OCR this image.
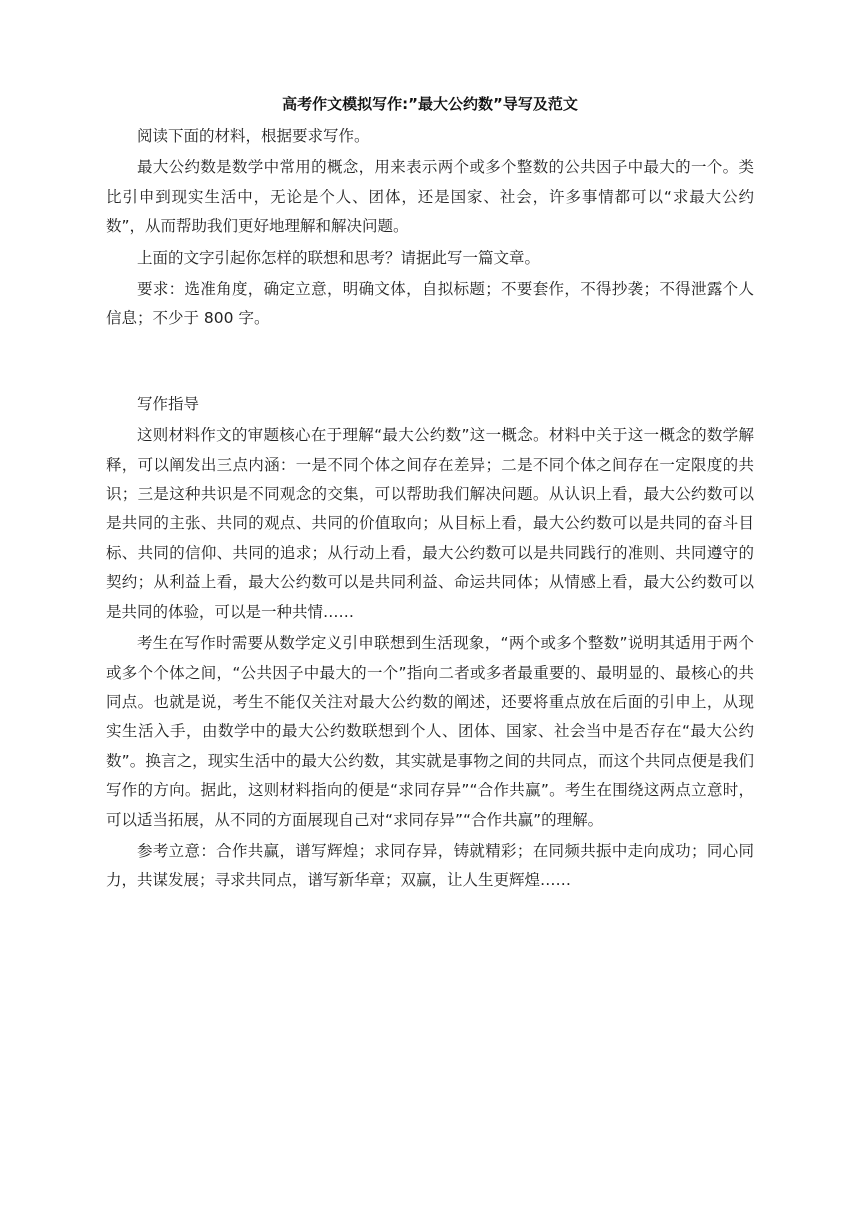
高考作文模拟写作:”最大公约数”导写及范文

阅读下面的材料，根据要求写作。

最大公约数是数学中常用的概念，用来表示两个或多个整数的公共因子中最大的一个。类比引申到现实生活中，无论是个人、团体，还是国家、社会，许多事情都可以“求最大公约数”，从而帮助我们更好地理解和解决问题。

上面的文字引起你怎样的联想和思考？请据此写一篇文章。

要求：选准角度，确定立意，明确文体，自拟标题；不要套作，不得抄袭；不得泄露个人信息；不少于 800 字。

写作指导

这则材料作文的审题核心在于理解“最大公约数”这一概念。材料中关于这一概念的数学解释，可以阐发出三点内涵：一是不同个体之间存在差异；二是不同个体之间存在一定限度的共识；三是这种共识是不同观念的交集，可以帮助我们解决问题。从认识上看，最大公约数可以是共同的主张、共同的观点、共同的价值取向；从目标上看，最大公约数可以是共同的奋斗目标、共同的信仰、共同的追求；从行动上看，最大公约数可以是共同践行的准则、共同遵守的契约；从利益上看，最大公约数可以是共同利益、命运共同体；从情感上看，最大公约数可以是共同的体验，可以是一种共情……

考生在写作时需要从数学定义引申联想到生活现象，“两个或多个整数”说明其适用于两个或多个个体之间，“公共因子中最大的一个”指向二者或多者最重要的、最明显的、最核心的共同点。也就是说，考生不能仅关注对最大公约数的阐述，还要将重点放在后面的引申上，从现实生活入手，由数学中的最大公约数联想到个人、团体、国家、社会当中是否存在“最大公约数”。换言之，现实生活中的最大公约数，其实就是事物之间的共同点，而这个共同点便是我们写作的方向。据此，这则材料指向的便是“求同存异”“合作共赢”。考生在围绕这两点立意时，可以适当拓展，从不同的方面展现自己对“求同存异”“合作共赢”的理解。

参考立意：合作共赢，谱写辉煌；求同存异，铸就精彩；在同频共振中走向成功；同心同力，共谋发展；寻求共同点，谱写新华章；双赢，让人生更辉煌……
